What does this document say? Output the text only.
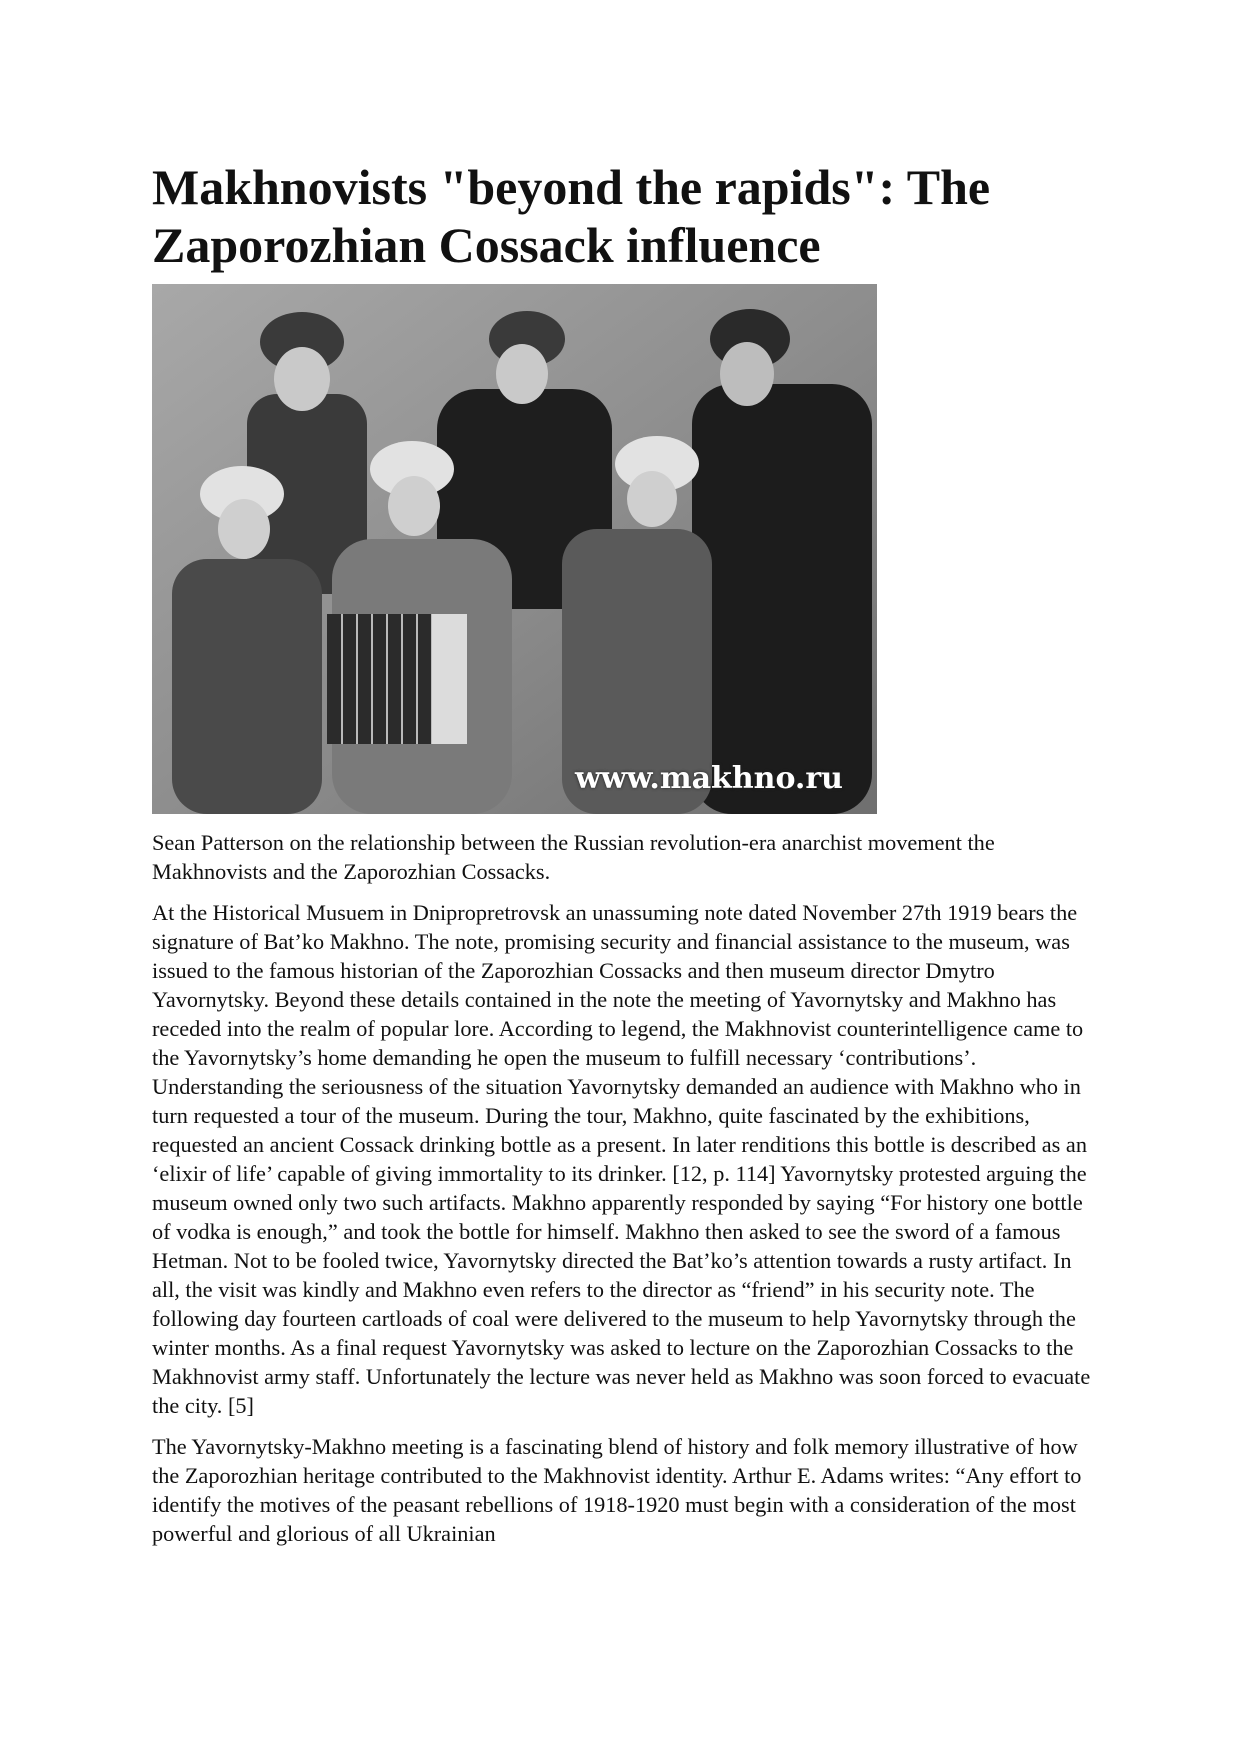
Makhnovists "beyond the rapids": The Zaporozhian Cossack influence
www.makhno.ru

Sean Patterson on the relationship between the Russian revolution-era anarchist movement the Makhnovists and the Zaporozhian Cossacks.

At the Historical Musuem in Dnipropretrovsk an unassuming note dated November 27th 1919 bears the signature of Bat’ko Makhno. The note, promising security and financial assistance to the museum, was issued to the famous historian of the Zaporozhian Cossacks and then museum director Dmytro Yavornytsky. Beyond these details contained in the note the meeting of Yavornytsky and Makhno has receded into the realm of popular lore. According to legend, the Makhnovist counterintelligence came to the Yavornytsky’s home demanding he open the museum to fulfill necessary ‘contributions’. Understanding the seriousness of the situation Yavornytsky demanded an audience with Makhno who in turn requested a tour of the museum. During the tour, Makhno, quite fascinated by the exhibitions, requested an ancient Cossack drinking bottle as a present. In later renditions this bottle is described as an ‘elixir of life’ capable of giving immortality to its drinker. [12, p. 114] Yavornytsky protested arguing the museum owned only two such artifacts. Makhno apparently responded by saying “For history one bottle of vodka is enough,” and took the bottle for himself. Makhno then asked to see the sword of a famous Hetman. Not to be fooled twice, Yavornytsky directed the Bat’ko’s attention towards a rusty artifact. In all, the visit was kindly and Makhno even refers to the director as “friend” in his security note. The following day fourteen cartloads of coal were delivered to the museum to help Yavornytsky through the winter months. As a final request Yavornytsky was asked to lecture on the Zaporozhian Cossacks to the Makhnovist army staff. Unfortunately the lecture was never held as Makhno was soon forced to evacuate the city. [5]

The Yavornytsky-Makhno meeting is a fascinating blend of history and folk memory illustrative of how the Zaporozhian heritage contributed to the Makhnovist identity. Arthur E. Adams writes: “Any effort to identify the motives of the peasant rebellions of 1918-1920 must begin with a consideration of the most powerful and glorious of all Ukrainian
